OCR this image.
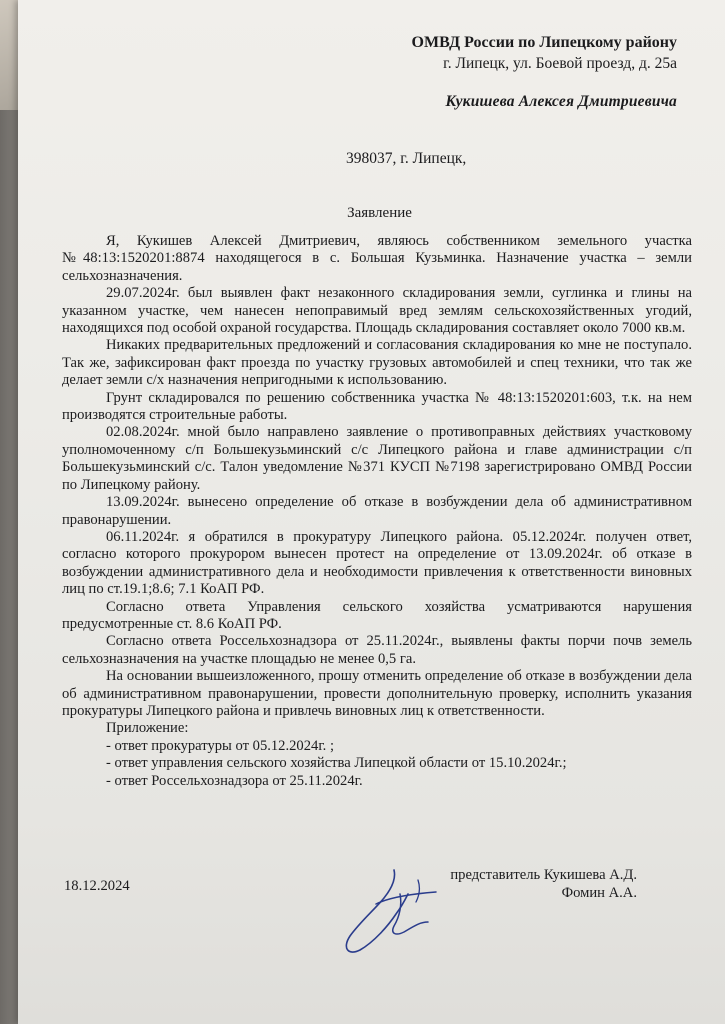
ОМВД России по Липецкому району
г. Липецк, ул. Боевой проезд, д. 25а
Кукишева Алексея Дмитриевича
398037, г. Липецк,
Заявление

Я, Кукишев Алексей Дмитриевич, являюсь собственником земельного участка №48:13:1520201:8874 находящегося в с. Большая Кузьминка. Назначение участка – земли сельхозназначения.

29.07.2024г. был выявлен факт незаконного складирования земли, суглинка и глины на указанном участке, чем нанесен непоправимый вред землям сельскохозяйственных угодий, находящихся под особой охраной государства. Площадь складирования составляет около 7000 кв.м.

Никаких предварительных предложений и согласования складирования ко мне не поступало. Так же, зафиксирован факт проезда по участку грузовых автомобилей и спец техники, что так же делает земли с/х назначения непригодными к использованию.

Грунт складировался по решению собственника участка № 48:13:1520201:603, т.к. на нем производятся строительные работы.

02.08.2024г. мной было направлено заявление о противоправных действиях участковому уполномоченному с/п Большекузьминский с/с Липецкого района и главе администрации с/п Большекузьминский с/с. Талон уведомление №371 КУСП №7198 зарегистрировано ОМВД России по Липецкому району.

13.09.2024г. вынесено определение об отказе в возбуждении дела об административном правонарушении.

06.11.2024г. я обратился в прокуратуру Липецкого района. 05.12.2024г. получен ответ, согласно которого прокурором вынесен протест на определение от 13.09.2024г. об отказе в возбуждении административного дела и необходимости привлечения к ответственности виновных лиц по ст.19.1;8.6; 7.1 КоАП РФ.

Согласно ответа Управления сельского хозяйства усматриваются нарушения предусмотренные ст. 8.6 КоАП РФ.

Согласно ответа Россельхознадзора от 25.11.2024г., выявлены факты порчи почв земель сельхозназначения на участке площадью не менее 0,5 га.

На основании вышеизложенного, прошу отменить определение об отказе в возбуждении дела об административном правонарушении, провести дополнительную проверку, исполнить указания прокуратуры Липецкого района и привлечь виновных лиц к ответственности.

Приложение:
- ответ прокуратуры от 05.12.2024г. ;
- ответ управления сельского хозяйства Липецкой области от 15.10.2024г.;
- ответ Россельхознадзора от 25.11.2024г.
18.12.2024
представитель Кукишева А.Д.
Фомин А.А.
